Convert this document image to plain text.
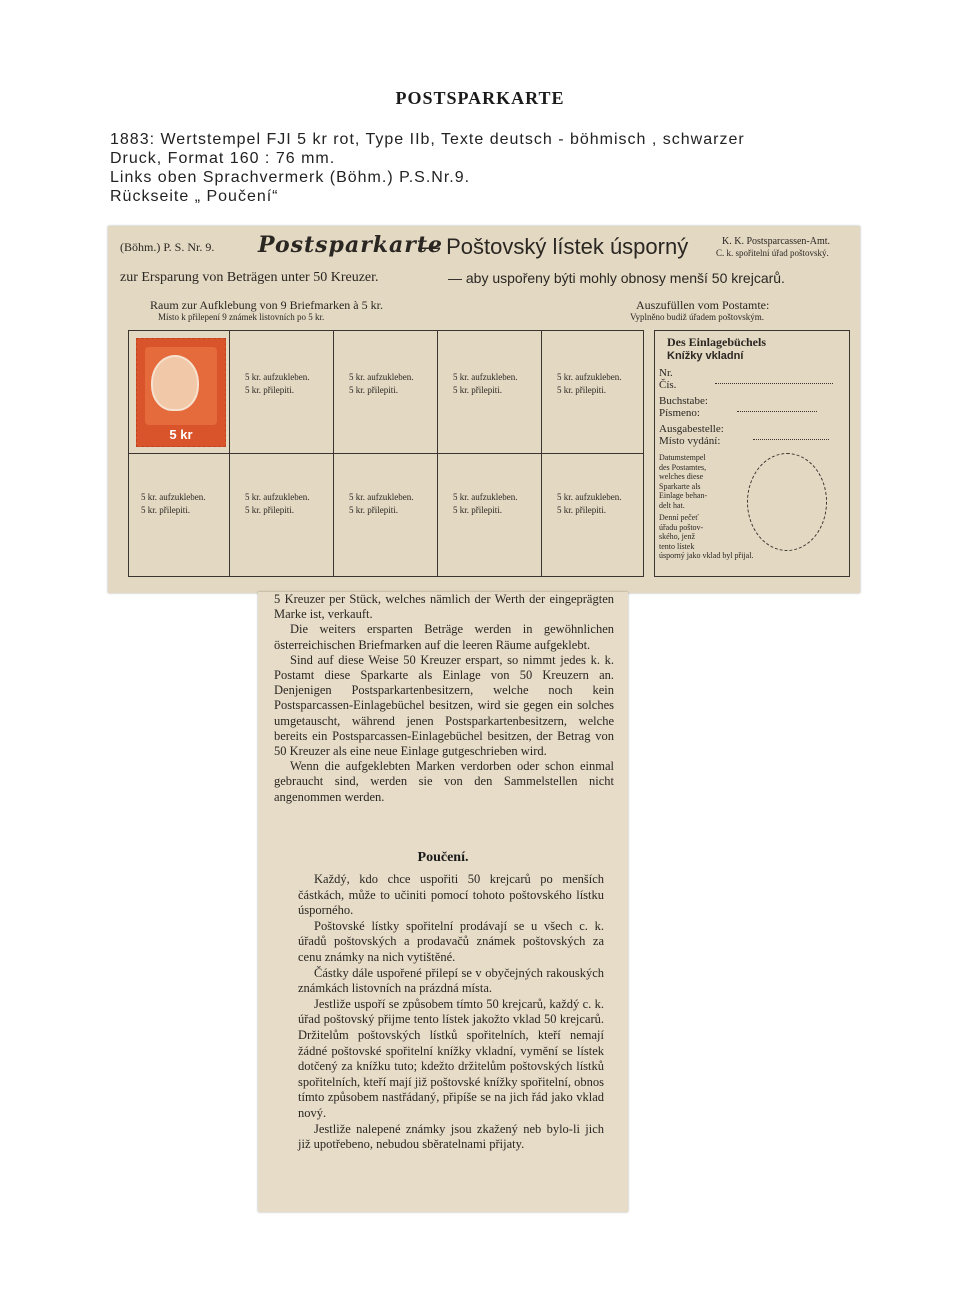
POSTSPARKARTE
1883: Wertstempel FJI 5 kr rot, Type IIb, Texte deutsch - böhmisch , schwarzer
Druck, Format 160 : 76 mm.
Links oben Sprachvermerk (Böhm.) P.S.Nr.9.
Rückseite „ Poučení“
(Böhm.) P. S. Nr. 9. Postsparkarte
— Poštovský lístek úsporný	K. K. Postsparcassen-Amt.
C. k. spořitelní úřad poštovský.
zur Ersparung von Beträgen unter 50 Kreuzer.	— aby uspořeny býti mohly obnosy menší 50 krejcarů.
Raum zur Aufklebung von 9 Briefmarken à 5 kr.
Místo k přilepení 9 známek listovních po 5 kr.
Auszufüllen vom Postamte:
Vyplněno budiž úřadem poštovským.
5 kr. aufzukleben.
5 kr. přilepiti.
5 kr. aufzukleben.
5 kr. přilepiti.
5 kr. aufzukleben.
5 kr. přilepiti.
5 kr. aufzukleben.
5 kr. přilepiti.
5 kr. aufzukleben.
5 kr. přilepiti.
5 kr. aufzukleben.
5 kr. přilepiti.
5 kr. aufzukleben.
5 kr. přilepiti.
5 kr. aufzukleben.
5 kr. přilepiti.
5 kr. aufzukleben.
5 kr. přilepiti.
5 kr
Des Einlagebüchels
Knížky vkladní
Nr.
Čís.
Buchstabe:
Písmeno:
Ausgabestelle:
Místo vydání:
Datumstempel
des Postamtes,
welches diese
Sparkarte als
Einlage behan-
delt hat.
Denní pečeť
úřadu poštov-
ského, jenž
tento lístek
úsporný jako vklad byl přijal.

5 Kreuzer per Stück, welches nämlich der Werth der eingeprägten Marke ist, verkauft.

Die weiters ersparten Beträge werden in gewöhnlichen österreichischen Briefmarken auf die leeren Räume aufgeklebt.

Sind auf diese Weise 50 Kreuzer erspart, so nimmt jedes k. k. Postamt diese Sparkarte als Einlage von 50 Kreuzern an. Denjenigen Postsparkartenbesitzern, welche noch kein Postsparcassen-Einlagebüchel besitzen, wird sie gegen ein solches umgetauscht, während jenen Postsparkartenbesitzern, welche bereits ein Postsparcassen-Einlagebüchel besitzen, der Betrag von 50 Kreuzer als eine neue Einlage gutgeschrieben wird.

Wenn die aufgeklebten Marken verdorben oder schon einmal gebraucht sind, werden sie von den Sammelstellen nicht angenommen werden.

Poučení.

Každý, kdo chce uspořiti 50 krejcarů po menších částkách, může to učiniti pomocí tohoto poštovského lístku úsporného.

Poštovské lístky spořitelní prodávají se u všech c. k. úřadů poštovských a prodavačů známek poštovských za cenu známky na nich vytištěné.

Částky dále uspořené přilepí se v obyčejných rakouských známkách listovních na prázdná místa.

Jestliže uspoří se způsobem tímto 50 krejcarů, každý c. k. úřad poštovský přijme tento lístek jakožto vklad 50 krejcarů. Držitelům poštovských lístků spořitelních, kteří nemají žádné poštovské spořitelní knížky vkladní, vymění se lístek dotčený za knížku tuto; kdežto držitelům poštovských lístků spořitelních, kteří mají již poštovské knížky spořitelní, obnos tímto způsobem nastřádaný, připíše se na jich řád jako vklad nový.

Jestliže nalepené známky jsou zkažený neb bylo-li jich již upotřebeno, nebudou sběratelnami přijaty.
